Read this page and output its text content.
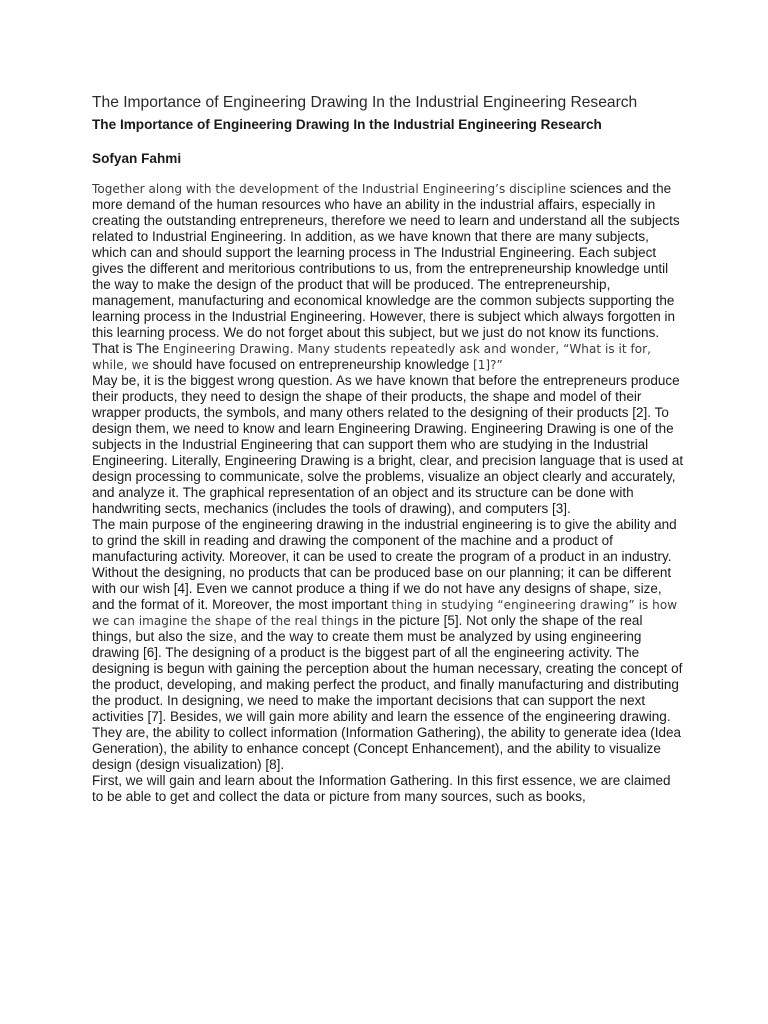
The Importance of Engineering Drawing In the Industrial Engineering Research
The Importance of Engineering Drawing In the Industrial Engineering Research
Sofyan Fahmi

Together along with the development of the Industrial Engineering’s discipline sciences and the more demand of the human resources who have an ability in the industrial affairs, especially in creating the outstanding entrepreneurs, therefore we need to learn and understand all the subjects related to Industrial Engineering. In addition, as we have known that there are many subjects, which can and should support the learning process in The Industrial Engineering. Each subject gives the different and meritorious contributions to us, from the entrepreneurship knowledge until the way to make the design of the product that will be produced. The entrepreneurship, management, manufacturing and economical knowledge are the common subjects supporting the learning process in the Industrial Engineering. However, there is subject which always forgotten in this learning process. We do not forget about this subject, but we just do not know its functions. That is The Engineering Drawing. Many students repeatedly ask and wonder, “What is it for, while, we should have focused on entrepreneurship knowledge [1]?”

May be, it is the biggest wrong question. As we have known that before the entrepreneurs produce their products, they need to design the shape of their products, the shape and model of their wrapper products, the symbols, and many others related to the designing of their products [2]. To design them, we need to know and learn Engineering Drawing. Engineering Drawing is one of the subjects in the Industrial Engineering that can support them who are studying in the Industrial Engineering. Literally, Engineering Drawing is a bright, clear, and precision language that is used at design processing to communicate, solve the problems, visualize an object clearly and accurately, and analyze it. The graphical representation of an object and its structure can be done with handwriting sects, mechanics (includes the tools of drawing), and computers [3].

The main purpose of the engineering drawing in the industrial engineering is to give the ability and to grind the skill in reading and drawing the component of the machine and a product of manufacturing activity. Moreover, it can be used to create the program of a product in an industry. Without the designing, no products that can be produced base on our planning; it can be different with our wish [4]. Even we cannot produce a thing if we do not have any designs of shape, size, and the format of it. Moreover, the most important thing in studying “engineering drawing” is how we can imagine the shape of the real things in the picture [5]. Not only the shape of the real things, but also the size, and the way to create them must be analyzed by using engineering drawing [6]. The designing of a product is the biggest part of all the engineering activity. The designing is begun with gaining the perception about the human necessary, creating the concept of the product, developing, and making perfect the product, and finally manufacturing and distributing the product. In designing, we need to make the important decisions that can support the next activities [7]. Besides, we will gain more ability and learn the essence of the engineering drawing. They are, the ability to collect information (Information Gathering), the ability to generate idea (Idea Generation), the ability to enhance concept (Concept Enhancement), and the ability to visualize design (design visualization) [8].

First, we will gain and learn about the Information Gathering. In this first essence, we are claimed to be able to get and collect the data or picture from many sources, such as books,
